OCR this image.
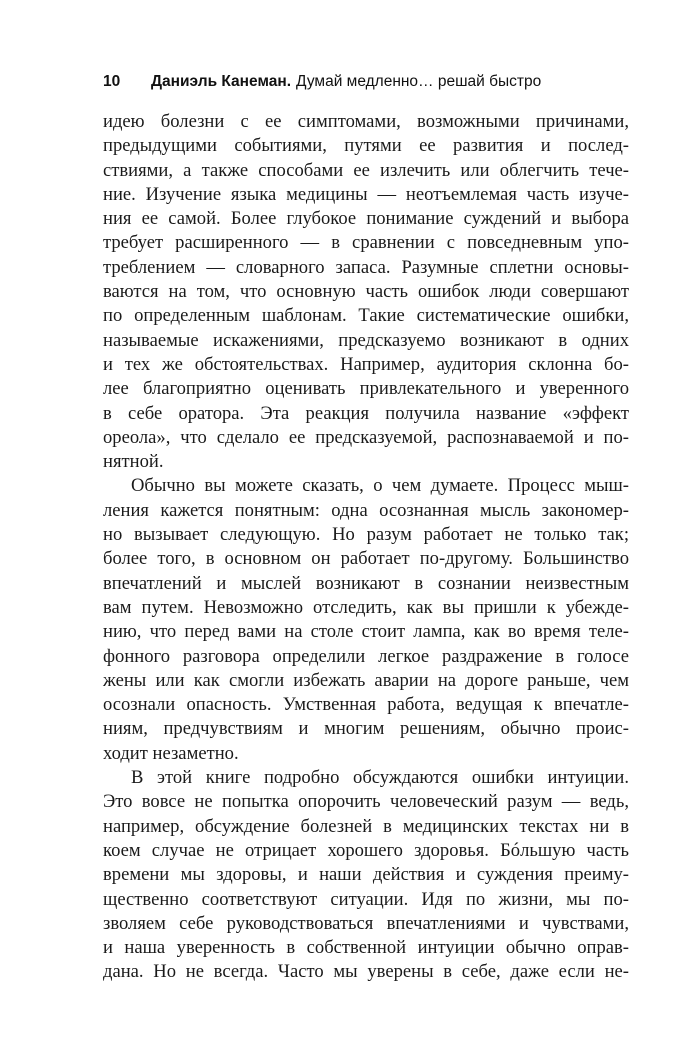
10	Даниэль Канеман. Думай медленно… решай быстро
идею болезни с ее симптомами, возможными причинами,
предыдущими событиями, путями ее развития и послед-
ствиями, а также способами ее излечить или облегчить тече-
ние. Изучение языка медицины — неотъемлемая часть изуче-
ния ее самой. Более глубокое понимание суждений и выбора
требует расширенного — в сравнении с повседневным упо-
треблением — словарного запаса. Разумные сплетни основы-
ваются на том, что основную часть ошибок люди совершают
по определенным шаблонам. Такие систематические ошибки,
называемые искажениями, предсказуемо возникают в одних
и тех же обстоятельствах. Например, аудитория склонна бо-
лее благоприятно оценивать привлекательного и уверенного
в себе оратора. Эта реакция получила название «эффект
ореола», что сделало ее предсказуемой, распознаваемой и по-
нятной.
Обычно вы можете сказать, о чем думаете. Процесс мыш-
ления кажется понятным: одна осознанная мысль закономер-
но вызывает следующую. Но разум работает не только так;
более того, в основном он работает по-другому. Большинство
впечатлений и мыслей возникают в сознании неизвестным
вам путем. Невозможно отследить, как вы пришли к убежде-
нию, что перед вами на столе стоит лампа, как во время теле-
фонного разговора определили легкое раздражение в голосе
жены или как смогли избежать аварии на дороге раньше, чем
осознали опасность. Умственная работа, ведущая к впечатле-
ниям, предчувствиям и многим решениям, обычно проис-
ходит незаметно.
В этой книге подробно обсуждаются ошибки интуиции.
Это вовсе не попытка опорочить человеческий разум — ведь,
например, обсуждение болезней в медицинских текстах ни в
коем случае не отрицает хорошего здоровья. Бóльшую часть
времени мы здоровы, и наши действия и суждения преиму-
щественно соответствуют ситуации. Идя по жизни, мы по-
зволяем себе руководствоваться впечатлениями и чувствами,
и наша уверенность в собственной интуиции обычно оправ-
дана. Но не всегда. Часто мы уверены в себе, даже если не-
